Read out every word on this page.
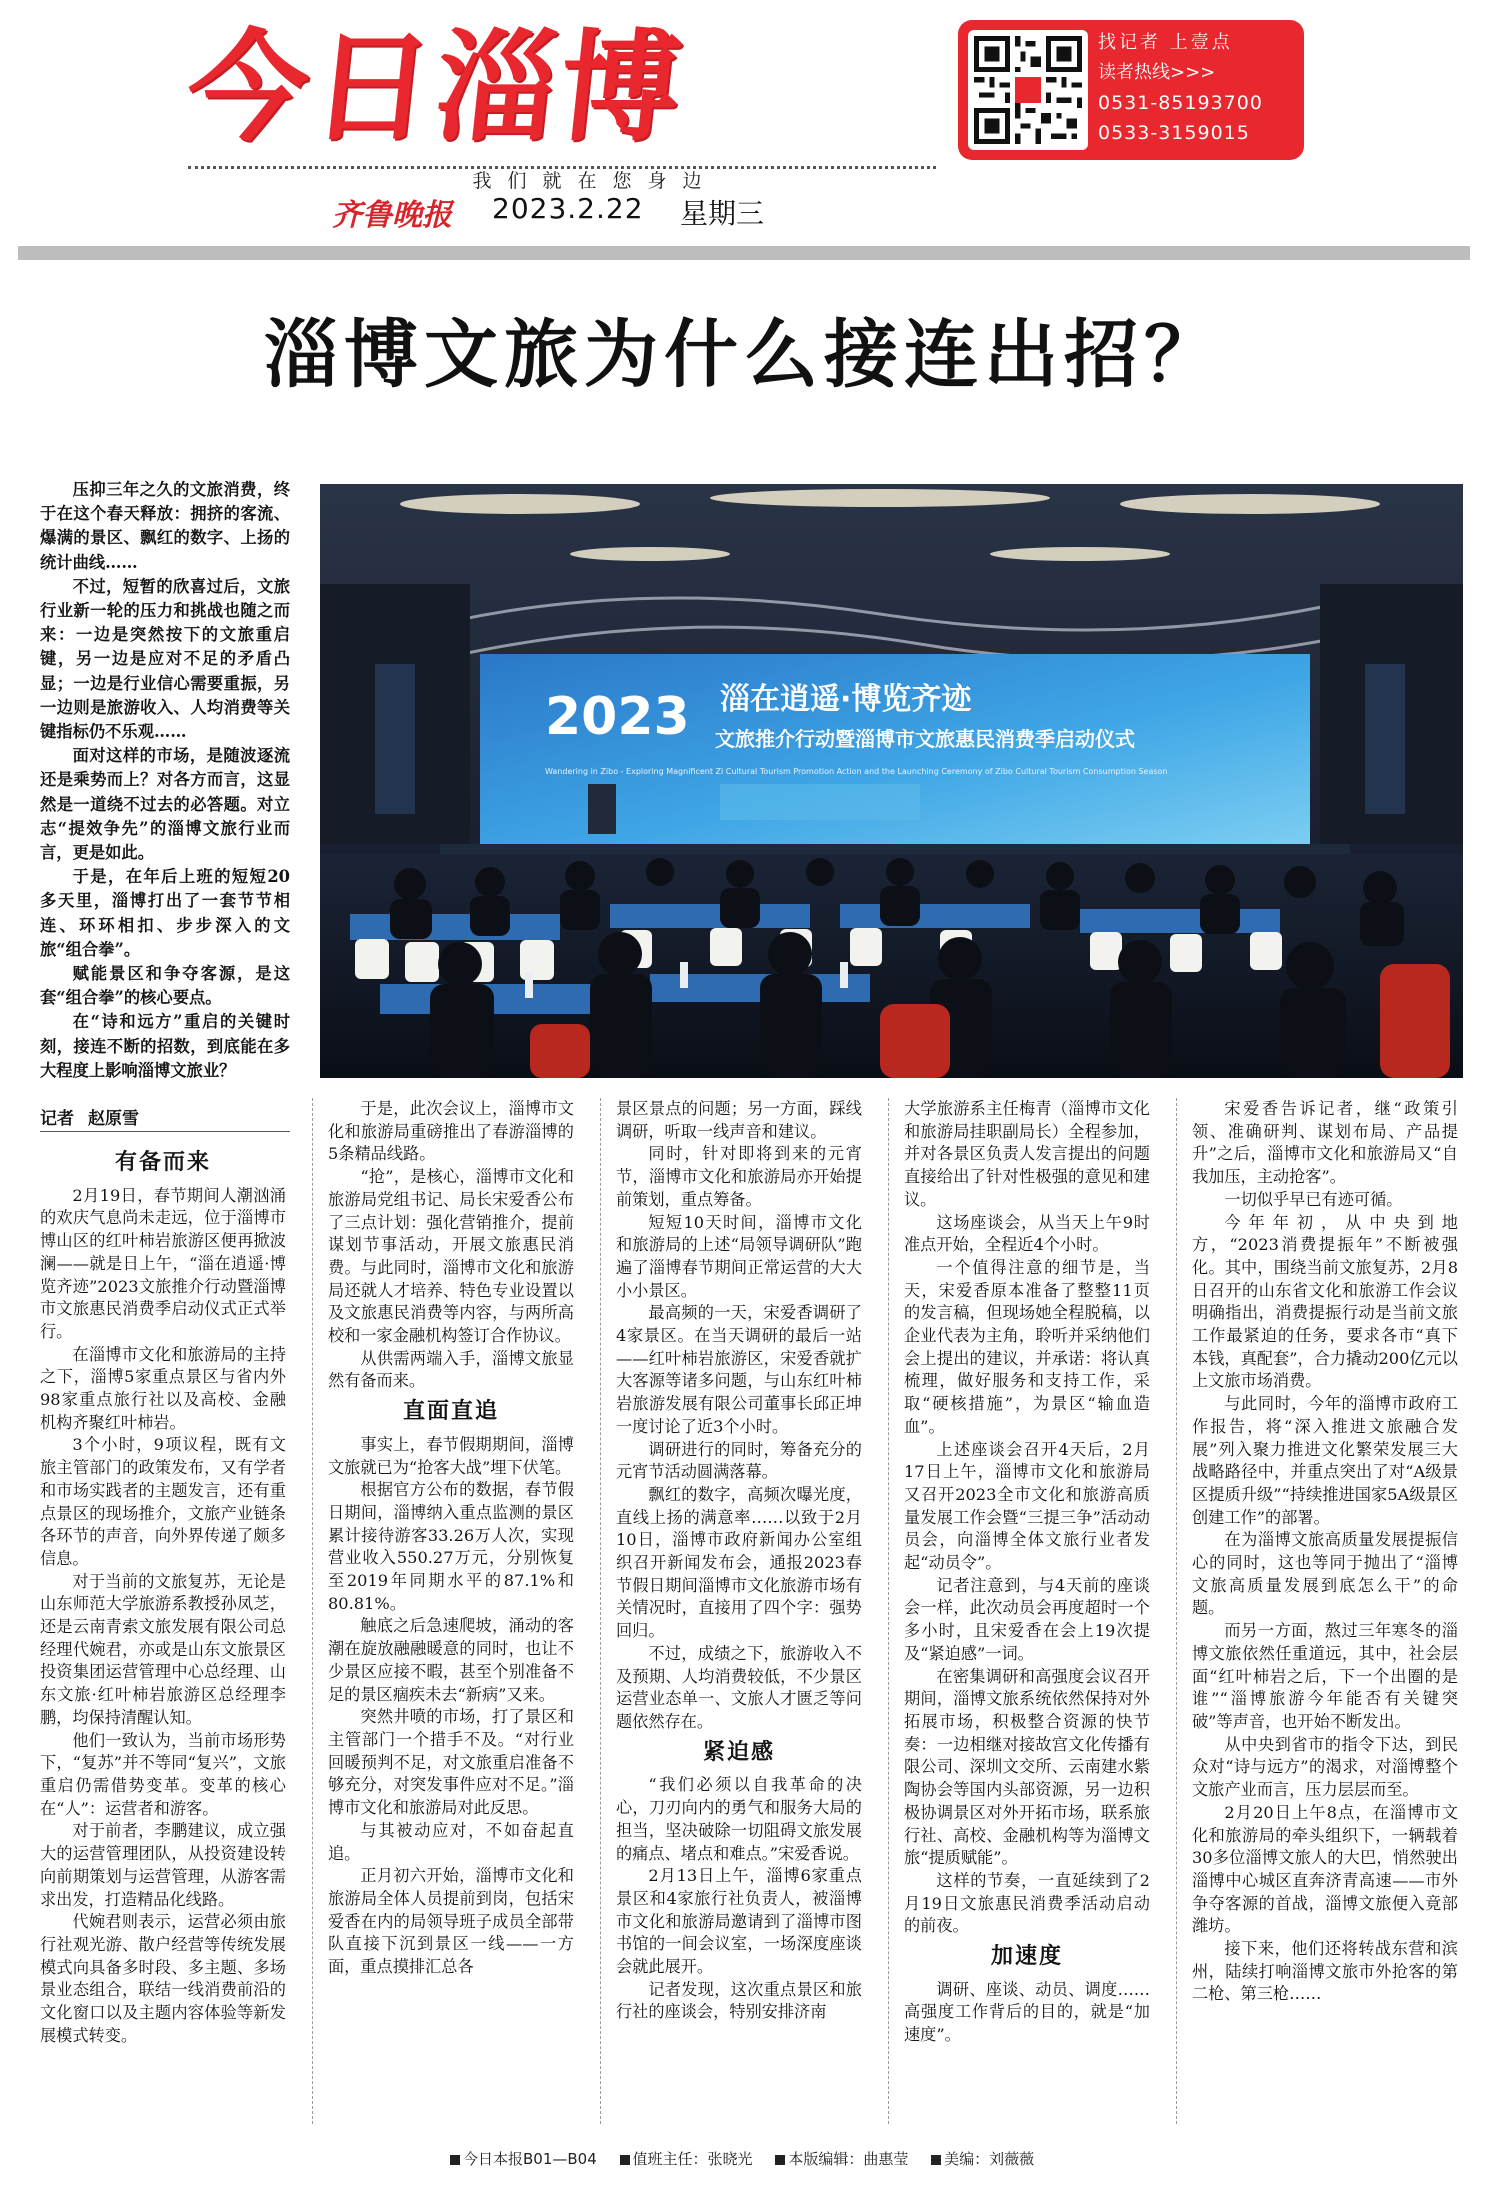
今日淄博
我们就在您身边
齐鲁晚报 2023.2.22 星期三
找记者 上壹点
读者热线>>>
0531-85193700
0533-3159015
淄博文旅为什么接连出招？

压抑三年之久的文旅消费，终于在这个春天释放：拥挤的客流、爆满的景区、飘红的数字、上扬的统计曲线……

不过，短暂的欣喜过后，文旅行业新一轮的压力和挑战也随之而来：一边是突然按下的文旅重启键，另一边是应对不足的矛盾凸显；一边是行业信心需要重振，另一边则是旅游收入、人均消费等关键指标仍不乐观……

面对这样的市场，是随波逐流还是乘势而上？对各方而言，这显然是一道绕不过去的必答题。对立志“提效争先”的淄博文旅行业而言，更是如此。

于是，在年后上班的短短20多天里，淄博打出了一套节节相连、环环相扣、步步深入的文旅“组合拳”。

赋能景区和争夺客源，是这套“组合拳”的核心要点。

在“诗和远方”重启的关键时刻，接连不断的招数，到底能在多大程度上影响淄博文旅业？

2023 淄在逍遥·博览齐迹
文旅推介行动暨淄博市文旅惠民消费季启动仪式
Wandering in Zibo - Exploring Magnificent Zi Cultural Tourism Promotion Action and the Launching Ceremony of Zibo Cultural Tourism Consumption Season
记者 赵原雪
有备而来

2月19日，春节期间人潮汹涌的欢庆气息尚未走远，位于淄博市博山区的红叶柿岩旅游区便再掀波澜——就是日上午，“淄在逍遥·博览齐迹”2023文旅推介行动暨淄博市文旅惠民消费季启动仪式正式举行。

在淄博市文化和旅游局的主持之下，淄博5家重点景区与省内外98家重点旅行社以及高校、金融机构齐聚红叶柿岩。

3个小时，9项议程，既有文旅主管部门的政策发布，又有学者和市场实践者的主题发言，还有重点景区的现场推介，文旅产业链条各环节的声音，向外界传递了颇多信息。

对于当前的文旅复苏，无论是山东师范大学旅游系教授孙凤芝，还是云南青索文旅发展有限公司总经理代婉君，亦或是山东文旅景区投资集团运营管理中心总经理、山东文旅·红叶柿岩旅游区总经理李鹏，均保持清醒认知。

他们一致认为，当前市场形势下，“复苏”并不等同“复兴”，文旅重启仍需借势变革。变革的核心在“人”：运营者和游客。

对于前者，李鹏建议，成立强大的运营管理团队，从投资建设转向前期策划与运营管理，从游客需求出发，打造精品化线路。

代婉君则表示，运营必须由旅行社观光游、散户经营等传统发展模式向具备多时段、多主题、多场景业态组合，联结一线消费前沿的文化窗口以及主题内容体验等新发展模式转变。

于是，此次会议上，淄博市文化和旅游局重磅推出了春游淄博的5条精品线路。

“抢”，是核心，淄博市文化和旅游局党组书记、局长宋爱香公布了三点计划：强化营销推介，提前谋划节事活动，开展文旅惠民消费。与此同时，淄博市文化和旅游局还就人才培养、特色专业设置以及文旅惠民消费等内容，与两所高校和一家金融机构签订合作协议。

从供需两端入手，淄博文旅显然有备而来。

直面直追

事实上，春节假期期间，淄博文旅就已为“抢客大战”埋下伏笔。

根据官方公布的数据，春节假日期间，淄博纳入重点监测的景区累计接待游客33.26万人次，实现营业收入550.27万元，分别恢复至2019年同期水平的87.1%和80.81%。

触底之后急速爬坡，涌动的客潮在旋放融融暖意的同时，也让不少景区应接不暇，甚至个别准备不足的景区痼疾未去“新病”又来。

突然井喷的市场，打了景区和主管部门一个措手不及。“对行业回暖预判不足，对文旅重启准备不够充分，对突发事件应对不足。”淄博市文化和旅游局对此反思。

与其被动应对，不如奋起直追。

正月初六开始，淄博市文化和旅游局全体人员提前到岗，包括宋爱香在内的局领导班子成员全部带队直接下沉到景区一线——一方面，重点摸排汇总各

景区景点的问题；另一方面，踩线调研，听取一线声音和建议。

同时，针对即将到来的元宵节，淄博市文化和旅游局亦开始提前策划，重点筹备。

短短10天时间，淄博市文化和旅游局的上述“局领导调研队”跑遍了淄博春节期间正常运营的大大小小景区。

最高频的一天，宋爱香调研了4家景区。在当天调研的最后一站——红叶柿岩旅游区，宋爱香就扩大客源等诸多问题，与山东红叶柿岩旅游发展有限公司董事长邱正坤一度讨论了近3个小时。

调研进行的同时，筹备充分的元宵节活动圆满落幕。

飘红的数字，高频次曝光度，直线上扬的满意率……以致于2月10日，淄博市政府新闻办公室组织召开新闻发布会，通报2023春节假日期间淄博市文化旅游市场有关情况时，直接用了四个字：强势回归。

不过，成绩之下，旅游收入不及预期、人均消费较低，不少景区运营业态单一、文旅人才匮乏等问题依然存在。

紧迫感

“我们必须以自我革命的决心，刀刃向内的勇气和服务大局的担当，坚决破除一切阻碍文旅发展的痛点、堵点和难点。”宋爱香说。

2月13日上午，淄博6家重点景区和4家旅行社负责人，被淄博市文化和旅游局邀请到了淄博市图书馆的一间会议室，一场深度座谈会就此展开。

记者发现，这次重点景区和旅行社的座谈会，特别安排济南

大学旅游系主任梅青（淄博市文化和旅游局挂职副局长）全程参加，并对各景区负责人发言提出的问题直接给出了针对性极强的意见和建议。

这场座谈会，从当天上午9时准点开始，全程近4个小时。

一个值得注意的细节是，当天，宋爱香原本准备了整整11页的发言稿，但现场她全程脱稿，以企业代表为主角，聆听并采纳他们会上提出的建议，并承诺：将认真梳理，做好服务和支持工作，采取“硬核措施”，为景区“输血造血”。

上述座谈会召开4天后，2月17日上午，淄博市文化和旅游局又召开2023全市文化和旅游高质量发展工作会暨“三提三争”活动动员会，向淄博全体文旅行业者发起“动员令”。

记者注意到，与4天前的座谈会一样，此次动员会再度超时一个多小时，且宋爱香在会上19次提及“紧迫感”一词。

在密集调研和高强度会议召开期间，淄博文旅系统依然保持对外拓展市场，积极整合资源的快节奏：一边相继对接故宫文化传播有限公司、深圳文交所、云南建水紫陶协会等国内头部资源，另一边积极协调景区对外开拓市场，联系旅行社、高校、金融机构等为淄博文旅“提质赋能”。

这样的节奏，一直延续到了2月19日文旅惠民消费季活动启动的前夜。

加速度

调研、座谈、动员、调度……高强度工作背后的目的，就是“加速度”。

宋爱香告诉记者，继“政策引领、准确研判、谋划布局、产品提升”之后，淄博市文化和旅游局又“自我加压，主动抢客”。

一切似乎早已有迹可循。

今年年初，从中央到地方，“2023消费提振年”不断被强化。其中，围绕当前文旅复苏，2月8日召开的山东省文化和旅游工作会议明确指出，消费提振行动是当前文旅工作最紧迫的任务，要求各市“真下本钱，真配套”，合力撬动200亿元以上文旅市场消费。

与此同时，今年的淄博市政府工作报告，将“深入推进文旅融合发展”列入聚力推进文化繁荣发展三大战略路径中，并重点突出了对“A级景区提质升级”“持续推进国家5A级景区创建工作”的部署。

在为淄博文旅高质量发展提振信心的同时，这也等同于抛出了“淄博文旅高质量发展到底怎么干”的命题。

而另一方面，熬过三年寒冬的淄博文旅依然任重道远，其中，社会层面“红叶柿岩之后，下一个出圈的是谁”“淄博旅游今年能否有关键突破”等声音，也开始不断发出。

从中央到省市的指令下达，到民众对“诗与远方”的渴求，对淄博整个文旅产业而言，压力层层而至。

2月20日上午8点，在淄博市文化和旅游局的牵头组织下，一辆载着30多位淄博文旅人的大巴，悄然驶出淄博中心城区直奔济青高速——市外争夺客源的首战，淄博文旅便入竟部潍坊。

接下来，他们还将转战东营和滨州，陆续打响淄博文旅市外抢客的第二枪、第三枪……

今日本报B01—B04 值班主任：张晓光 本版编辑：曲惠莹 美编：刘薇薇
